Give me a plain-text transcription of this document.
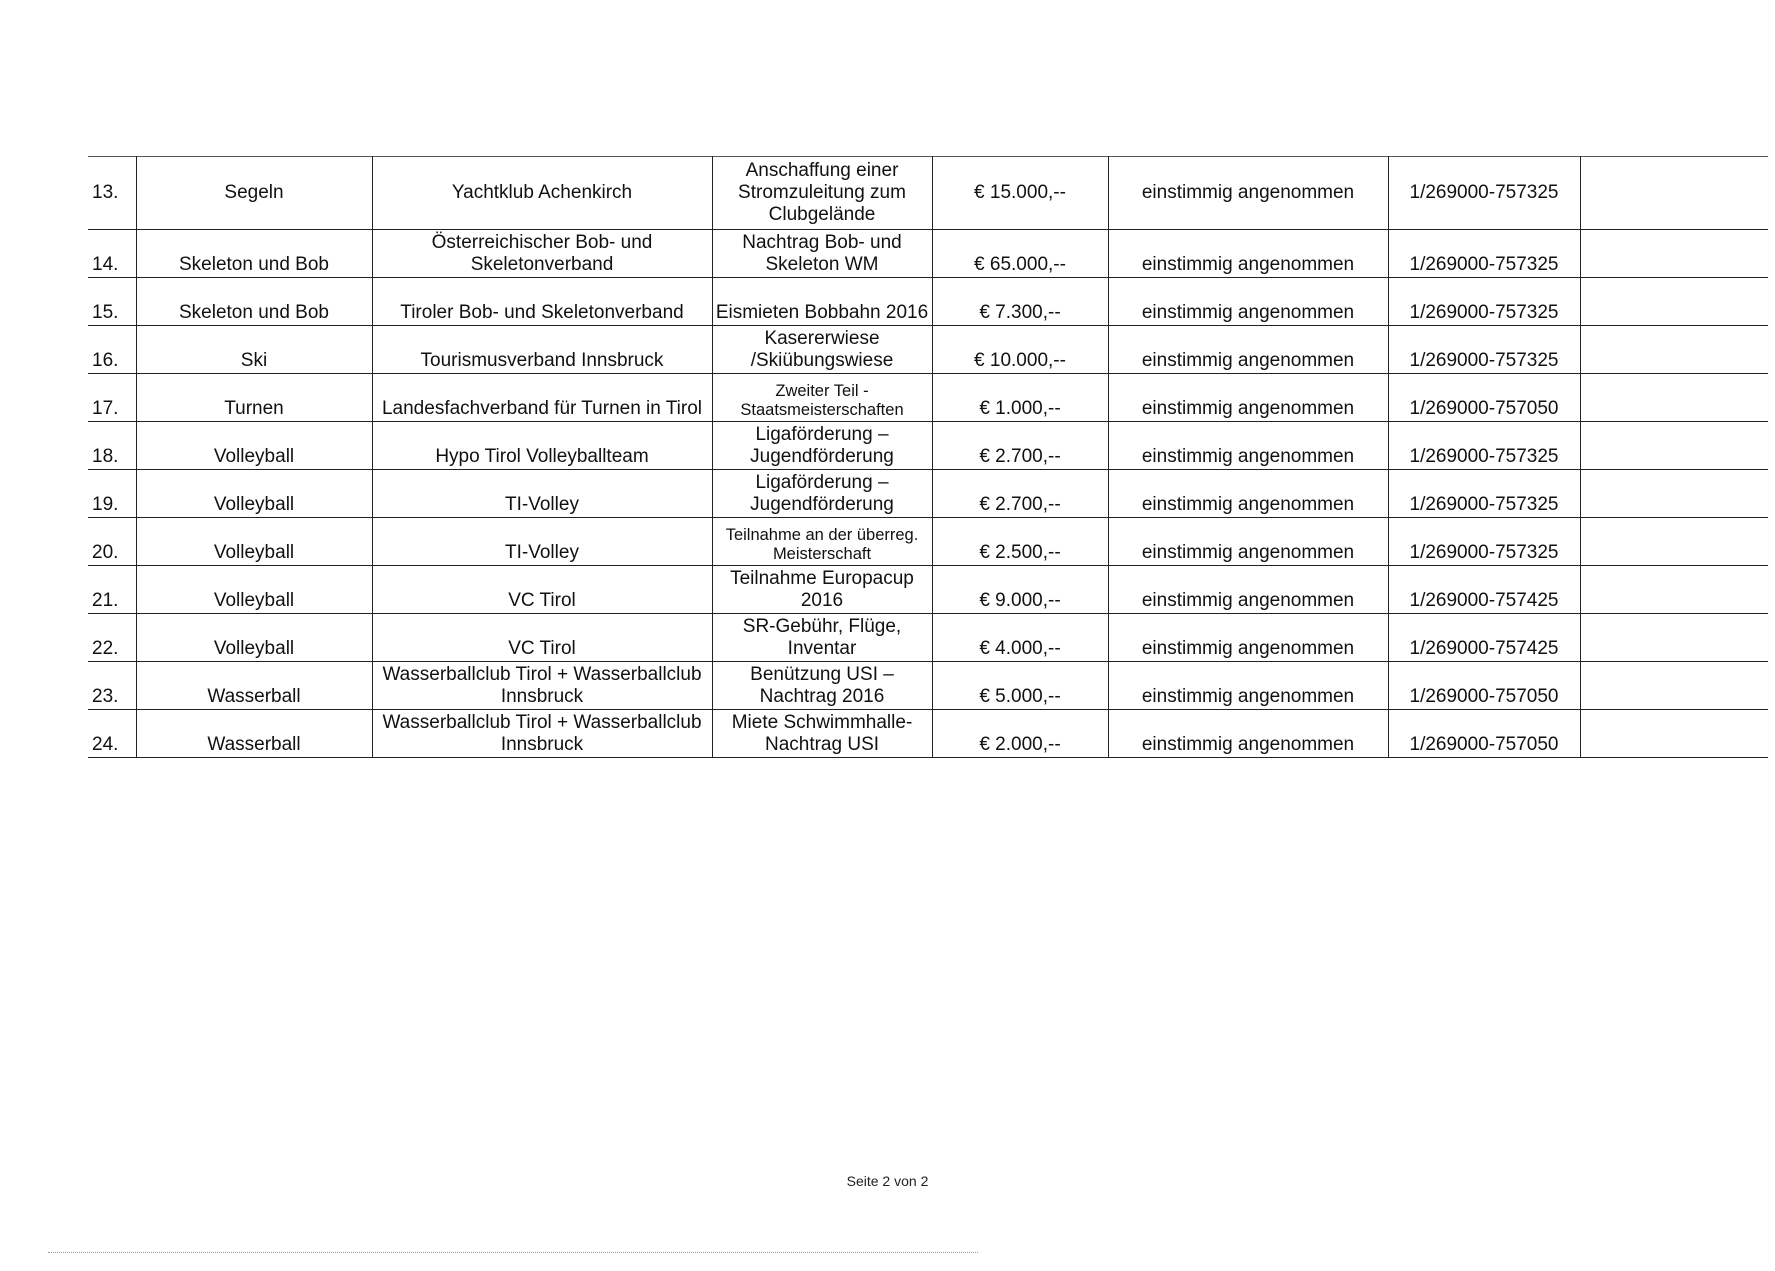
13.	Segeln	Yachtklub Achenkirch	Anschaffung einer Stromzuleitung zum Clubgelände	€ 15.000,--	einstimmig angenommen	1/269000-757325	
14.	Skeleton und Bob	Österreichischer Bob- und Skeletonverband	Nachtrag Bob- und Skeleton WM	€ 65.000,--	einstimmig angenommen	1/269000-757325	
15.	Skeleton und Bob	Tiroler Bob- und Skeletonverband	Eismieten Bobbahn 2016	€ 7.300,--	einstimmig angenommen	1/269000-757325	
16.	Ski	Tourismusverband Innsbruck	Kasererwiese /Skiübungswiese	€ 10.000,--	einstimmig angenommen	1/269000-757325	
17.	Turnen	Landesfachverband für Turnen in Tirol	Zweiter Teil - Staatsmeisterschaften	€ 1.000,--	einstimmig angenommen	1/269000-757050	
18.	Volleyball	Hypo Tirol Volleyballteam	Ligaförderung – Jugendförderung	€ 2.700,--	einstimmig angenommen	1/269000-757325	
19.	Volleyball	TI-Volley	Ligaförderung – Jugendförderung	€ 2.700,--	einstimmig angenommen	1/269000-757325	
20.	Volleyball	TI-Volley	Teilnahme an der überreg. Meisterschaft	€ 2.500,--	einstimmig angenommen	1/269000-757325	
21.	Volleyball	VC Tirol	Teilnahme Europacup 2016	€ 9.000,--	einstimmig angenommen	1/269000-757425	
22.	Volleyball	VC Tirol	SR-Gebühr, Flüge, Inventar	€ 4.000,--	einstimmig angenommen	1/269000-757425	
23.	Wasserball	Wasserballclub Tirol + Wasserballclub Innsbruck	Benützung USI – Nachtrag 2016	€ 5.000,--	einstimmig angenommen	1/269000-757050	
24.	Wasserball	Wasserballclub Tirol + Wasserballclub Innsbruck	Miete Schwimmhalle- Nachtrag USI	€ 2.000,--	einstimmig angenommen	1/269000-757050	
Seite 2 von 2
